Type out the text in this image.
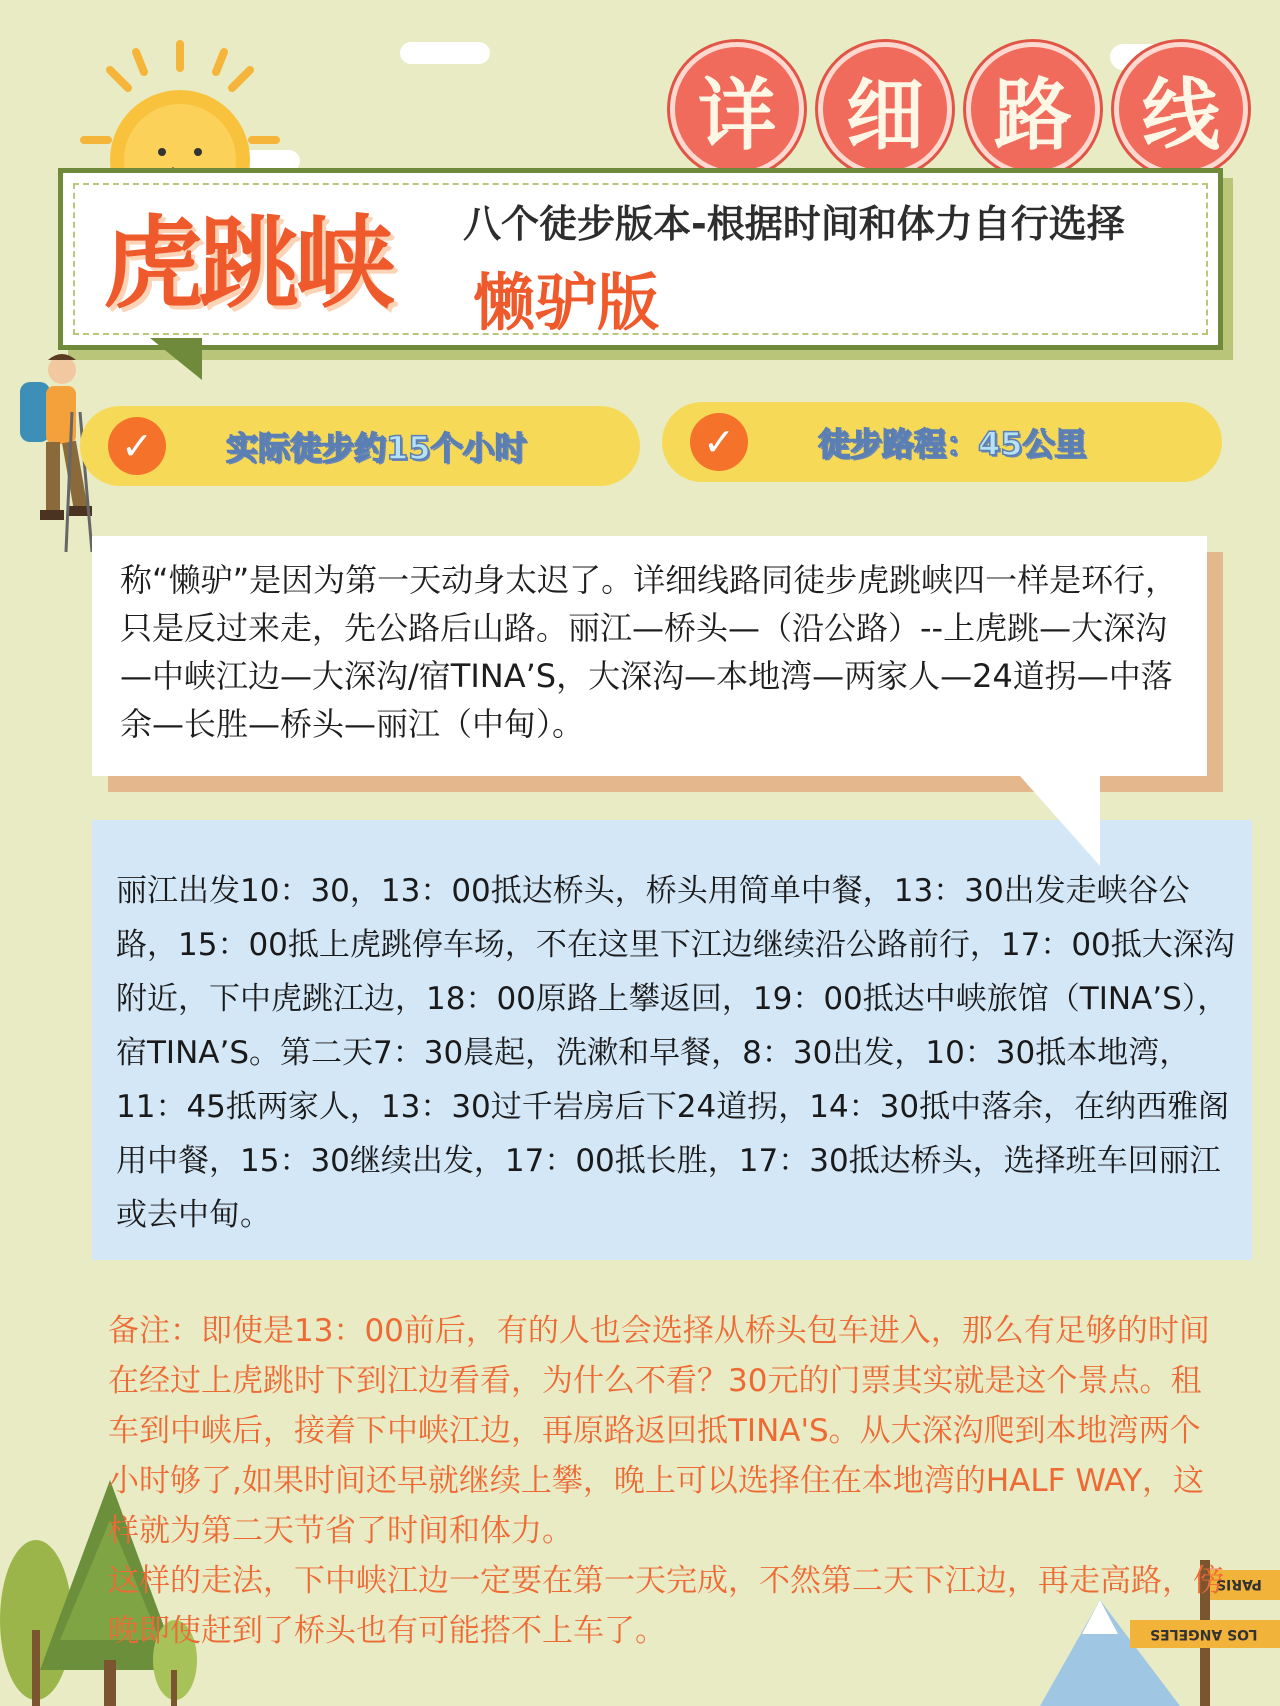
详 细 路 线
虎跳峡 八个徒步版本-根据时间和体力自行选择
懒驴版
✓	实际徒步约15个小时	✓	徒步路程：45公里
称“懒驴”是因为第一天动身太迟了。详细线路同徒步虎跳峡四一样是环行，只是反过来走，先公路后山路。丽江—桥头—（沿公路）--上虎跳—大深沟—中峡江边—大深沟/宿TINA’S，大深沟—本地湾—两家人—24道拐—中落余—长胜—桥头—丽江（中甸）。
丽江出发10：30，13：00抵达桥头，桥头用简单中餐，13：30出发走峡谷公路，15：00抵上虎跳停车场，不在这里下江边继续沿公路前行，17：00抵大深沟附近，下中虎跳江边，18：00原路上攀返回，19：00抵达中峡旅馆（TINA’S），宿TINA’S。第二天7：30晨起，洗漱和早餐，8：30出发，10：30抵本地湾，11：45抵两家人，13：30过千岩房后下24道拐，14：30抵中落余，在纳西雅阁用中餐，15：30继续出发，17：00抵长胜，17：30抵达桥头，选择班车回丽江或去中甸。
PARIS
LOS ANGELES
备注：即使是13：00前后，有的人也会选择从桥头包车进入，那么有足够的时间在经过上虎跳时下到江边看看，为什么不看？30元的门票其实就是这个景点。租车到中峡后，接着下中峡江边，再原路返回抵TINA'S。从大深沟爬到本地湾两个小时够了,如果时间还早就继续上攀，晚上可以选择住在本地湾的HALF WAY，这样就为第二天节省了时间和体力。
这样的走法，下中峡江边一定要在第一天完成，不然第二天下江边，再走高路，傍晚即使赶到了桥头也有可能搭不上车了。
